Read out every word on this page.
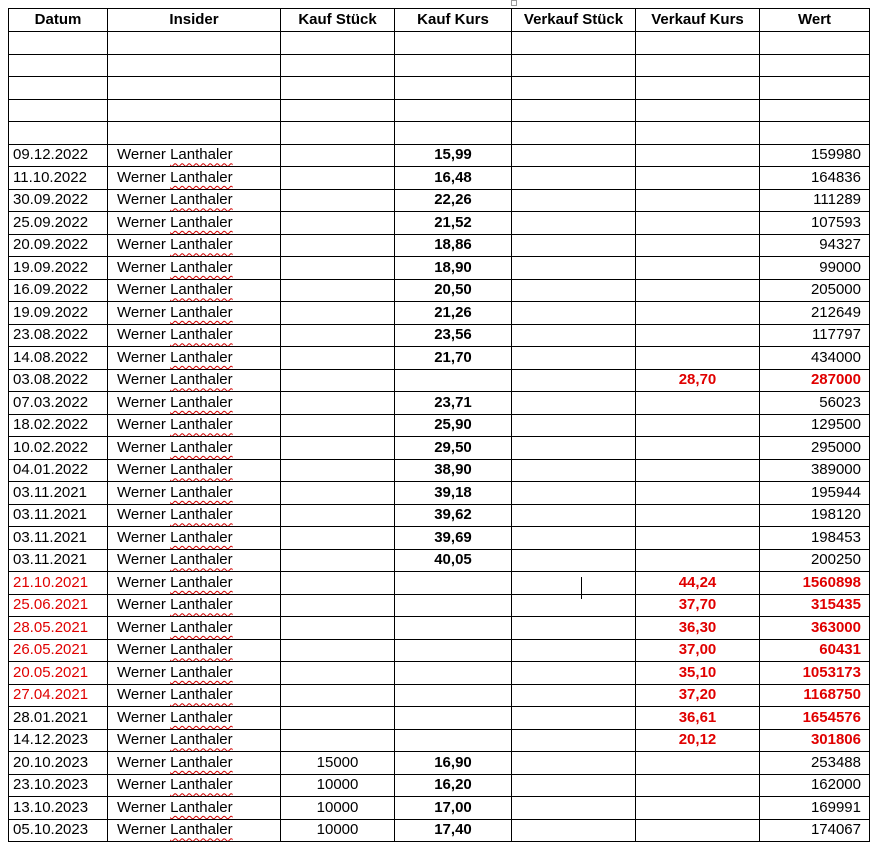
Datum	Insider	Kauf Stück	Kauf Kurs	Verkauf Stück	Verkauf Kurs	Wert

09.12.2022	Werner Lanthaler		15,99			159980
11.10.2022	Werner Lanthaler		16,48			164836
30.09.2022	Werner Lanthaler		22,26			111289
25.09.2022	Werner Lanthaler		21,52			107593
20.09.2022	Werner Lanthaler		18,86			94327
19.09.2022	Werner Lanthaler		18,90			99000
16.09.2022	Werner Lanthaler		20,50			205000
19.09.2022	Werner Lanthaler		21,26			212649
23.08.2022	Werner Lanthaler		23,56			117797
14.08.2022	Werner Lanthaler		21,70			434000
03.08.2022	Werner Lanthaler				28,70	287000
07.03.2022	Werner Lanthaler		23,71			56023
18.02.2022	Werner Lanthaler		25,90			129500
10.02.2022	Werner Lanthaler		29,50			295000
04.01.2022	Werner Lanthaler		38,90			389000
03.11.2021	Werner Lanthaler		39,18			195944
03.11.2021	Werner Lanthaler		39,62			198120
03.11.2021	Werner Lanthaler		39,69			198453
03.11.2021	Werner Lanthaler		40,05			200250
21.10.2021	Werner Lanthaler				44,24	1560898
25.06.2021	Werner Lanthaler				37,70	315435
28.05.2021	Werner Lanthaler				36,30	363000
26.05.2021	Werner Lanthaler				37,00	60431
20.05.2021	Werner Lanthaler				35,10	1053173
27.04.2021	Werner Lanthaler				37,20	1168750
28.01.2021	Werner Lanthaler				36,61	1654576
14.12.2023	Werner Lanthaler				20,12	301806
20.10.2023	Werner Lanthaler	15000	16,90			253488
23.10.2023	Werner Lanthaler	10000	16,20			162000
13.10.2023	Werner Lanthaler	10000	17,00			169991
05.10.2023	Werner Lanthaler	10000	17,40			174067
